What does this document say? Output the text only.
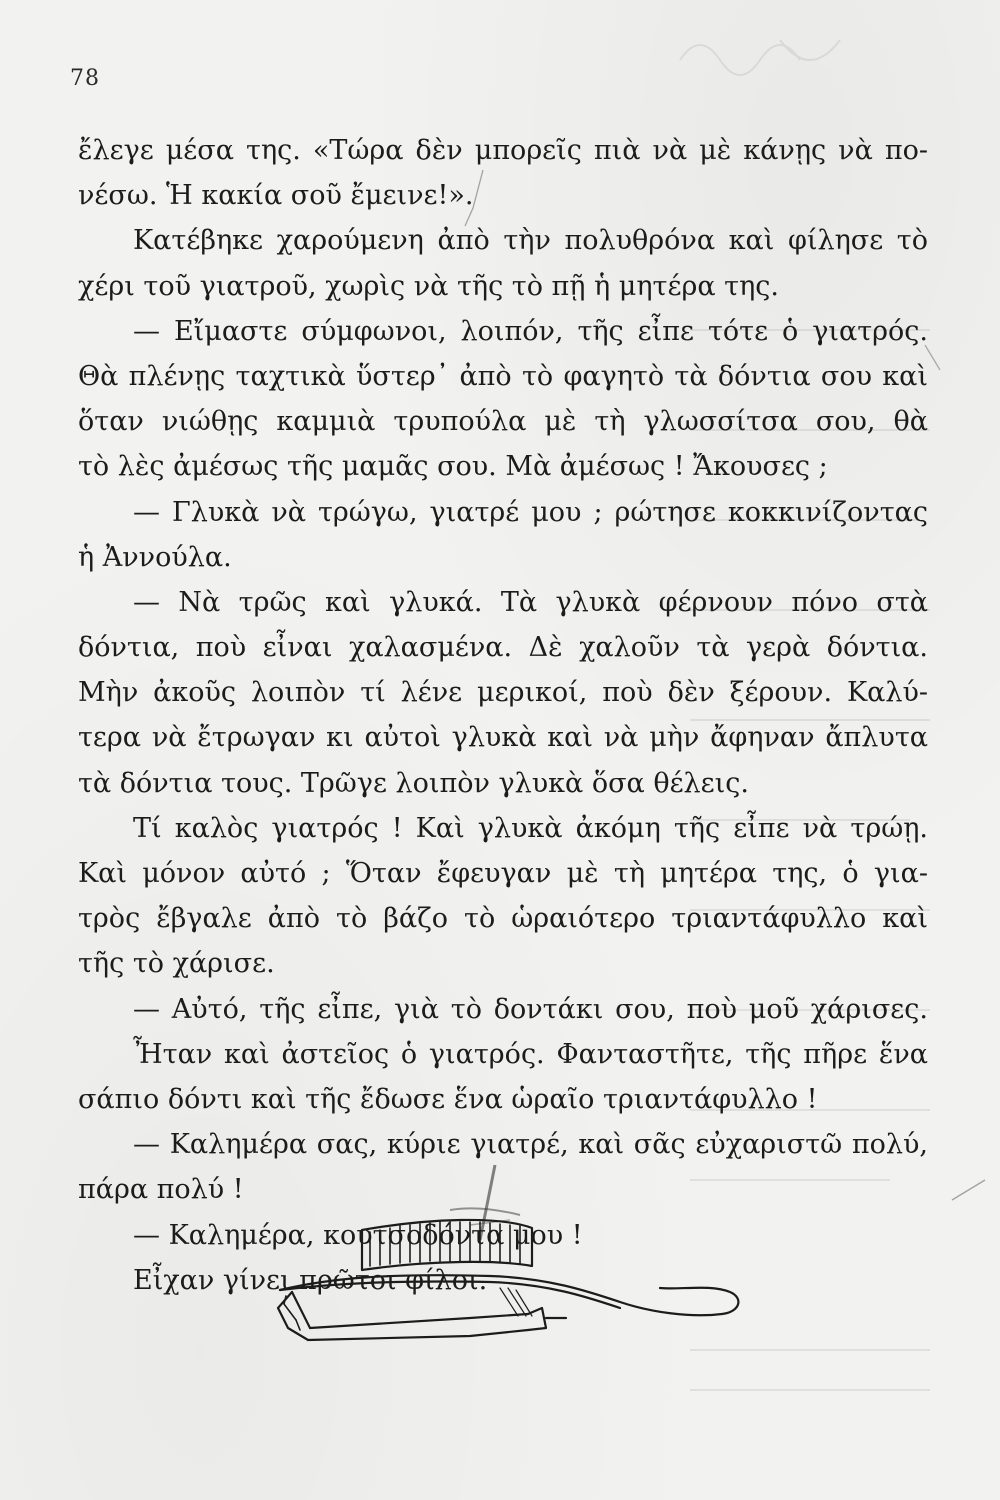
78
ἔλεγε μέσα της. «Τώρα δὲν μπορεῖς πιὰ νὰ μὲ κάνῃς νὰ πο-
νέσω. Ἡ κακία σοῦ ἔμεινε!».
Κατέβηκε χαρούμενη ἀπὸ τὴν πολυθρόνα καὶ φίλησε τὸ
χέρι τοῦ γιατροῦ, χωρὶς νὰ τῆς τὸ πῇ ἡ μητέρα της.
— Εἴμαστε σύμφωνοι, λοιπόν, τῆς εἶπε τότε ὁ γιατρός.
Θὰ πλένῃς ταχτικὰ ὕστερ᾽ ἀπὸ τὸ φαγητὸ τὰ δόντια σου καὶ
ὅταν νιώθῃς καμμιὰ τρυπούλα μὲ τὴ γλωσσίτσα σου, θὰ
τὸ λὲς ἀμέσως τῆς μαμᾶς σου. Μὰ ἀμέσως ! Ἄκουσες ;
— Γλυκὰ νὰ τρώγω, γιατρέ μου ; ρώτησε κοκκινίζοντας
ἡ Ἀννούλα.
— Νὰ τρῶς καὶ γλυκά. Τὰ γλυκὰ φέρνουν πόνο στὰ
δόντια, ποὺ εἶναι χαλασμένα. Δὲ χαλοῦν τὰ γερὰ δόντια.
Μὴν ἀκοῦς λοιπὸν τί λένε μερικοί, ποὺ δὲν ξέρουν. Καλύ-
τερα νὰ ἔτρωγαν κι αὐτοὶ γλυκὰ καὶ νὰ μὴν ἄφηναν ἄπλυτα
τὰ δόντια τους. Τρῶγε λοιπὸν γλυκὰ ὅσα θέλεις.
Τί καλὸς γιατρός ! Καὶ γλυκὰ ἀκόμη τῆς εἶπε νὰ τρώῃ.
Καὶ μόνον αὐτό ; Ὅταν ἔφευγαν μὲ τὴ μητέρα της, ὁ για-
τρὸς ἔβγαλε ἀπὸ τὸ βάζο τὸ ὡραιότερο τριαντάφυλλο καὶ
τῆς τὸ χάρισε.
— Αὐτό, τῆς εἶπε, γιὰ τὸ δοντάκι σου, ποὺ μοῦ χάρισες.
Ἦταν καὶ ἀστεῖος ὁ γιατρός. Φανταστῆτε, τῆς πῆρε ἕνα
σάπιο δόντι καὶ τῆς ἔδωσε ἕνα ὡραῖο τριαντάφυλλο !
— Καλημέρα σας, κύριε γιατρέ, καὶ σᾶς εὐχαριστῶ πολύ,
πάρα πολύ !
— Καλημέρα, κουτσοδόντα μου !
Εἶχαν γίνει πρῶτοι φίλοι.
